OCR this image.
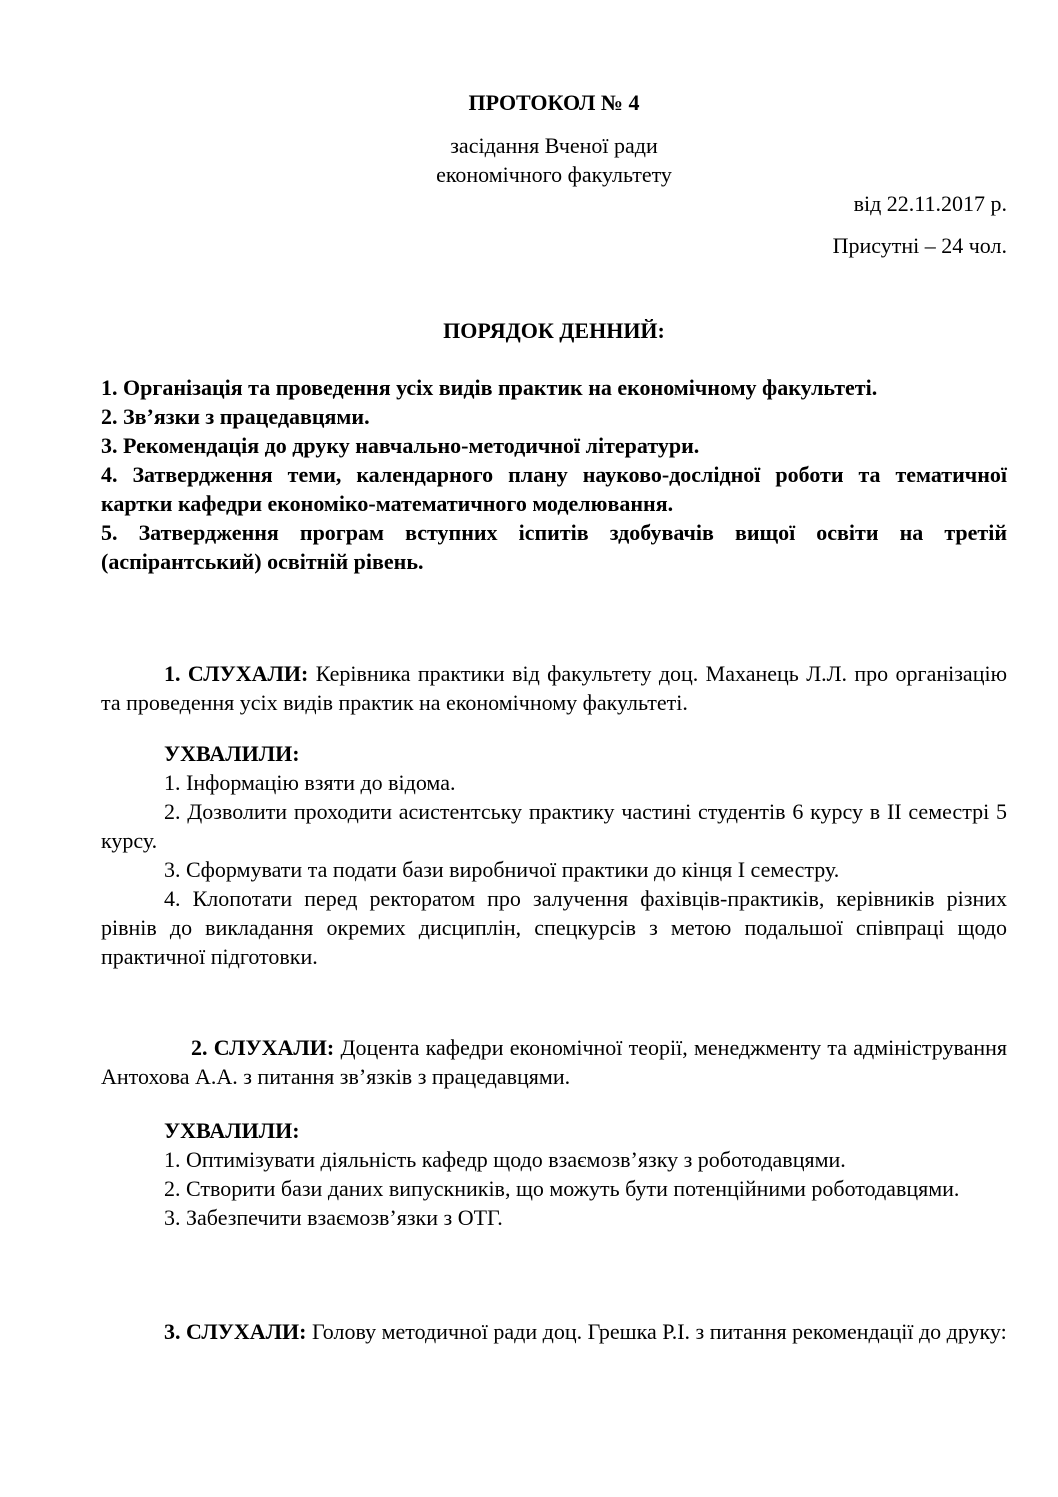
ПРОТОКОЛ № 4

засідання Вченої ради

економічного факультету

від 22.11.2017 р.

Присутні – 24 чол.

ПОРЯДОК ДЕННИЙ:

1. Організація та проведення усіх видів практик на економічному факультеті.
2. Зв’язки з працедавцями.
3. Рекомендація до друку навчально-методичної літератури.
4. Затвердження теми, календарного плану науково-дослідної роботи та тематичної картки кафедри економіко-математичного моделювання.
5. Затвердження програм вступних іспитів здобувачів вищої освіти на третій (аспірантський) освітній рівень.

1. СЛУХАЛИ: Керівника практики від факультету доц. Маханець Л.Л. про організацію та проведення усіх видів практик на економічному факультеті.

УХВАЛИЛИ:

1. Інформацію взяти до відома.

2. Дозволити проходити асистентську практику частині студентів 6 курсу в ІІ семестрі 5 курсу.

3. Сформувати та подати бази виробничої практики до кінця І семестру.

4. Клопотати перед ректоратом про залучення фахівців-практиків, керівників різних рівнів до викладання окремих дисциплін, спецкурсів з метою подальшої співпраці щодо практичної підготовки.

2. СЛУХАЛИ: Доцента кафедри економічної теорії, менеджменту та адміністрування Антохова А.А. з питання зв’язків з працедавцями.

УХВАЛИЛИ:

1. Оптимізувати діяльність кафедр щодо взаємозв’язку з роботодавцями.

2. Створити бази даних випускників, що можуть бути потенційними роботодавцями.

3. Забезпечити взаємозв’язки з ОТГ.

3. СЛУХАЛИ: Голову методичної ради доц. Грешка Р.І. з питання рекомендації до друку:
